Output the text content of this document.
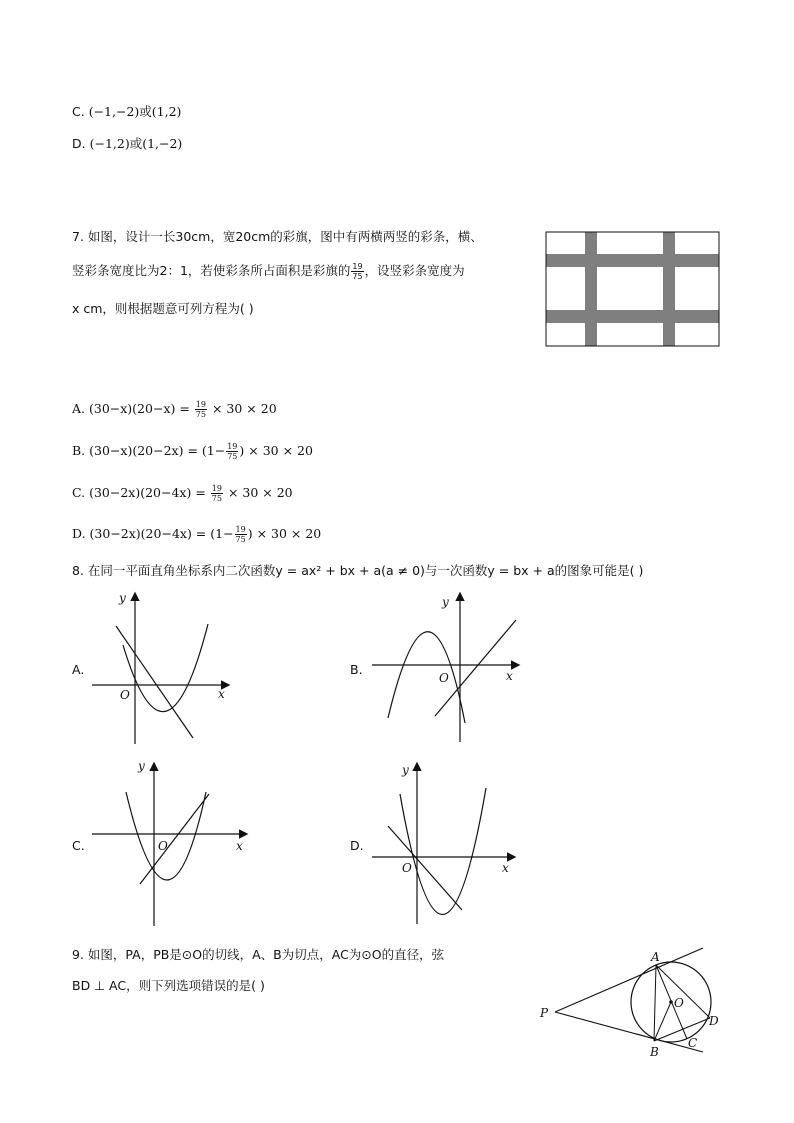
C. (−1,−2)或(1,2)
D. (−1,2)或(1,−2)
7. 如图，设计一长30cm，宽20cm的彩旗，图中有两横两竖的彩条，横、
竖彩条宽度比为2：1，若使彩条所占面积是彩旗的 $\frac{19}{75}$ ，设竖彩条宽度为
x cm，则根据题意可列方程为( )
A. $(30-x)(20-x) = \frac{19}{75} \times 30 \times 20$
B. $(30-x)(20-2x) = (1- \frac{19}{75}$ ) × 30 × 20
C. $(30-2x)(20-4x) = \frac{19}{75} \times 30 \times 20$
D. $(30-2x)(20-4x) = (1- \frac{19}{75}$ ) × 30 × 20
8. 在同一平面直角坐标系内二次函数y = ax² + bx + a(a ≠ 0)与一次函数y = bx + a的图象可能是( )
A.
y
x
O
B.
y
x
O
C.
y
x
O	D.
y
x
O
9. 如图，PA，PB是⊙O的切线，A、B为切点，AC为⊙O的直径，弦
BD ⊥ AC，则下列选项错误的是( )
A
O
D
C
B
P
